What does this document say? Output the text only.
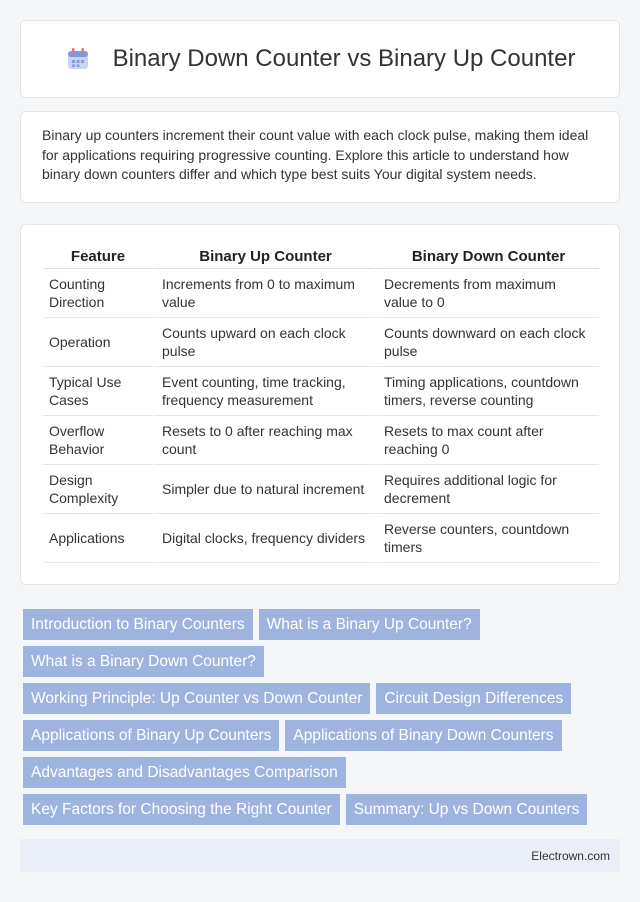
Binary Down Counter vs Binary Up Counter

Binary up counters increment their count value with each clock pulse, making them ideal for applications requiring progressive counting. Explore this article to understand how binary down counters differ and which type best suits Your digital system needs.

Feature	Binary Up Counter	Binary Down Counter
Counting Direction	Increments from 0 to maximum value	Decrements from maximum value to 0
Operation	Counts upward on each clock pulse	Counts downward on each clock pulse
Typical Use Cases	Event counting, time tracking, frequency measurement	Timing applications, countdown timers, reverse counting
Overflow Behavior	Resets to 0 after reaching max count	Resets to max count after reaching 0
Design Complexity	Simpler due to natural increment	Requires additional logic for decrement
Applications	Digital clocks, frequency dividers	Reverse counters, countdown timers
Introduction to Binary Counters	What is a Binary Up Counter?
What is a Binary Down Counter?
Working Principle: Up Counter vs Down Counter	Circuit Design Differences
Applications of Binary Up Counters	Applications of Binary Down Counters
Advantages and Disadvantages Comparison
Key Factors for Choosing the Right Counter	Summary: Up vs Down Counters
Electrown.com
